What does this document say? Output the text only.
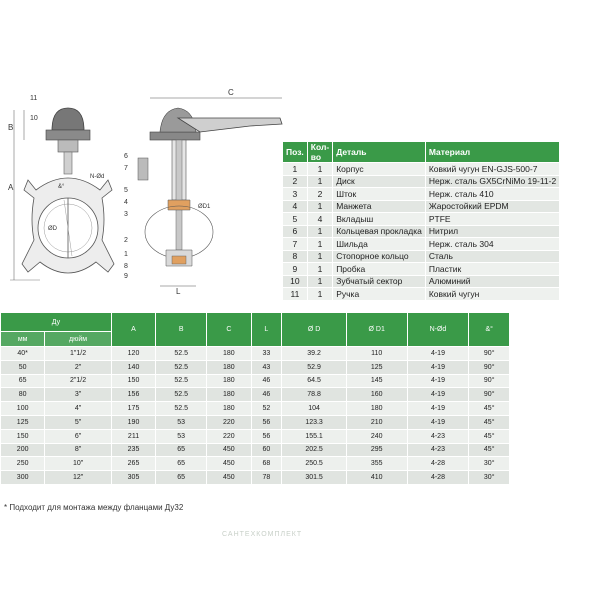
A
B
C
L
ØD
ØD1
N-Ød
&°
11
10
6
7
5
4
3
2
1
8
9
Поз.	Кол-во	Деталь	Материал
1	1	Корпус	Ковкий чугун EN-GJS-500-7
2	1	Диск	Нерж. сталь GX5CrNiMo 19-11-2
3	2	Шток	Нерж. сталь 410
4	1	Манжета	Жаростойкий EPDM
5	4	Вкладыш	PTFE
6	1	Кольцевая прокладка	Нитрил
7	1	Шильда	Нерж. сталь 304
8	1	Стопорное кольцо	Сталь
9	1	Пробка	Пластик
10	1	Зубчатый сектор	Алюминий
11	1	Ручка	Ковкий чугун
Ду		A	B	C	L	Ø D	Ø D1	N-Ød	&°
мм	дюйм								
40*	1"1/2	120	52.5	180	33	39.2	110	4-19	90°
50	2"	140	52.5	180	43	52.9	125	4-19	90°
65	2"1/2	150	52.5	180	46	64.5	145	4-19	90°
80	3"	156	52.5	180	46	78.8	160	4-19	90°
100	4"	175	52.5	180	52	104	180	4-19	45°
125	5"	190	53	220	56	123.3	210	4-19	45°
150	6"	211	53	220	56	155.1	240	4-23	45°
200	8"	235	65	450	60	202.5	295	4-23	45°
250	10"	265	65	450	68	250.5	355	4-28	30°
300	12"	305	65	450	78	301.5	410	4-28	30°
* Подходит для монтажа между фланцами Ду32
САНТЕХКОМПЛЕКТ
